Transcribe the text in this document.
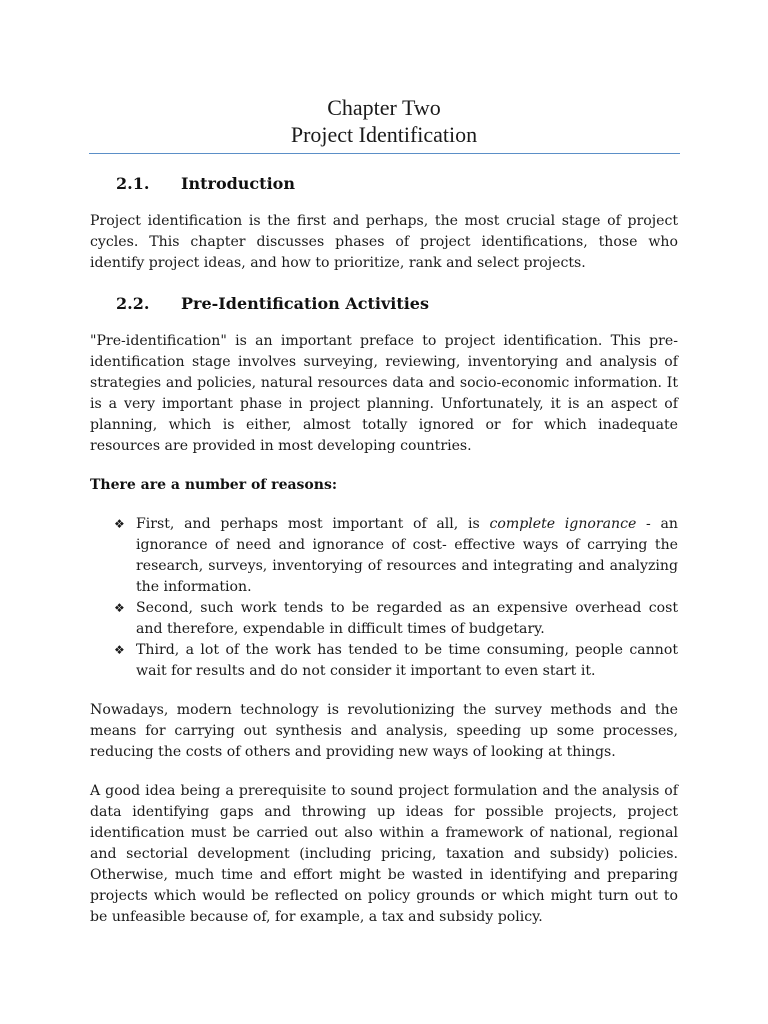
Chapter Two
Project Identification
2.1. Introduction

Project identification is the first and perhaps, the most crucial stage of project cycles. This chapter discusses phases of project identifications, those who identify project ideas, and how to prioritize, rank and select projects.

2.2. Pre-Identification Activities

"Pre-identification" is an important preface to project identification. This pre-identification stage involves surveying, reviewing, inventorying and analysis of strategies and policies, natural resources data and socio-economic information. It is a very important phase in project planning. Unfortunately, it is an aspect of planning, which is either, almost totally ignored or for which inadequate resources are provided in most developing countries.

There are a number of reasons:
❖ First, and perhaps most important of all, is complete ignorance - an ignorance of need and ignorance of cost- effective ways of carrying the research, surveys, inventorying of resources and integrating and analyzing the information.
❖ Second, such work tends to be regarded as an expensive overhead cost and therefore, expendable in difficult times of budgetary.
❖ Third, a lot of the work has tended to be time consuming, people cannot wait for results and do not consider it important to even start it.

Nowadays, modern technology is revolutionizing the survey methods and the means for carrying out synthesis and analysis, speeding up some processes, reducing the costs of others and providing new ways of looking at things.

A good idea being a prerequisite to sound project formulation and the analysis of data identifying gaps and throwing up ideas for possible projects, project identification must be carried out also within a framework of national, regional and sectorial development (including pricing, taxation and subsidy) policies. Otherwise, much time and effort might be wasted in identifying and preparing projects which would be reflected on policy grounds or which might turn out to be unfeasible because of, for example, a tax and subsidy policy.
